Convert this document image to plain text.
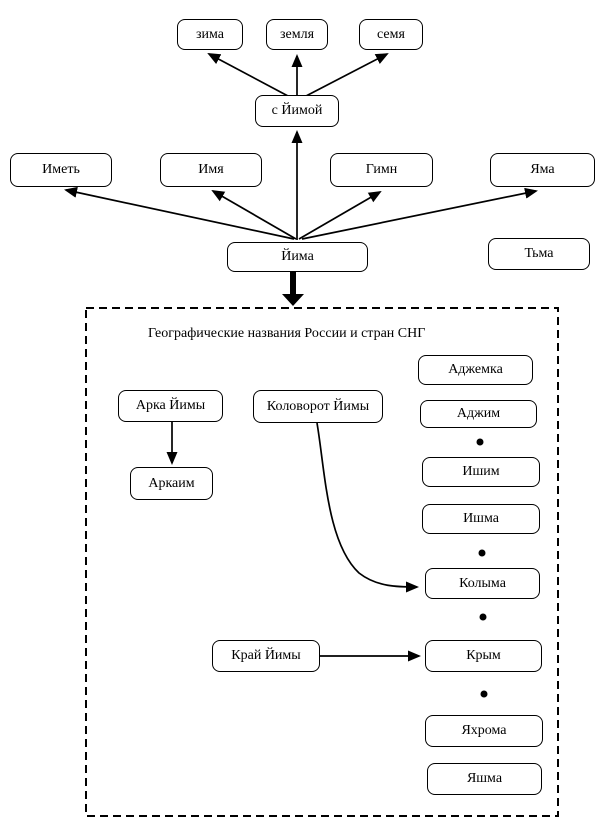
зима	земля	семя
с Йимой
Иметь	Имя	Гимн	Яма
Йима	Тьма
Географические названия России и стран СНГ
Арка Йимы	Коловорот Йимы
Аджемка
Аджим
Аркаим
Ишим
Ишма
Колыма
Край Йимы	Крым
Яхрома
Яшма
